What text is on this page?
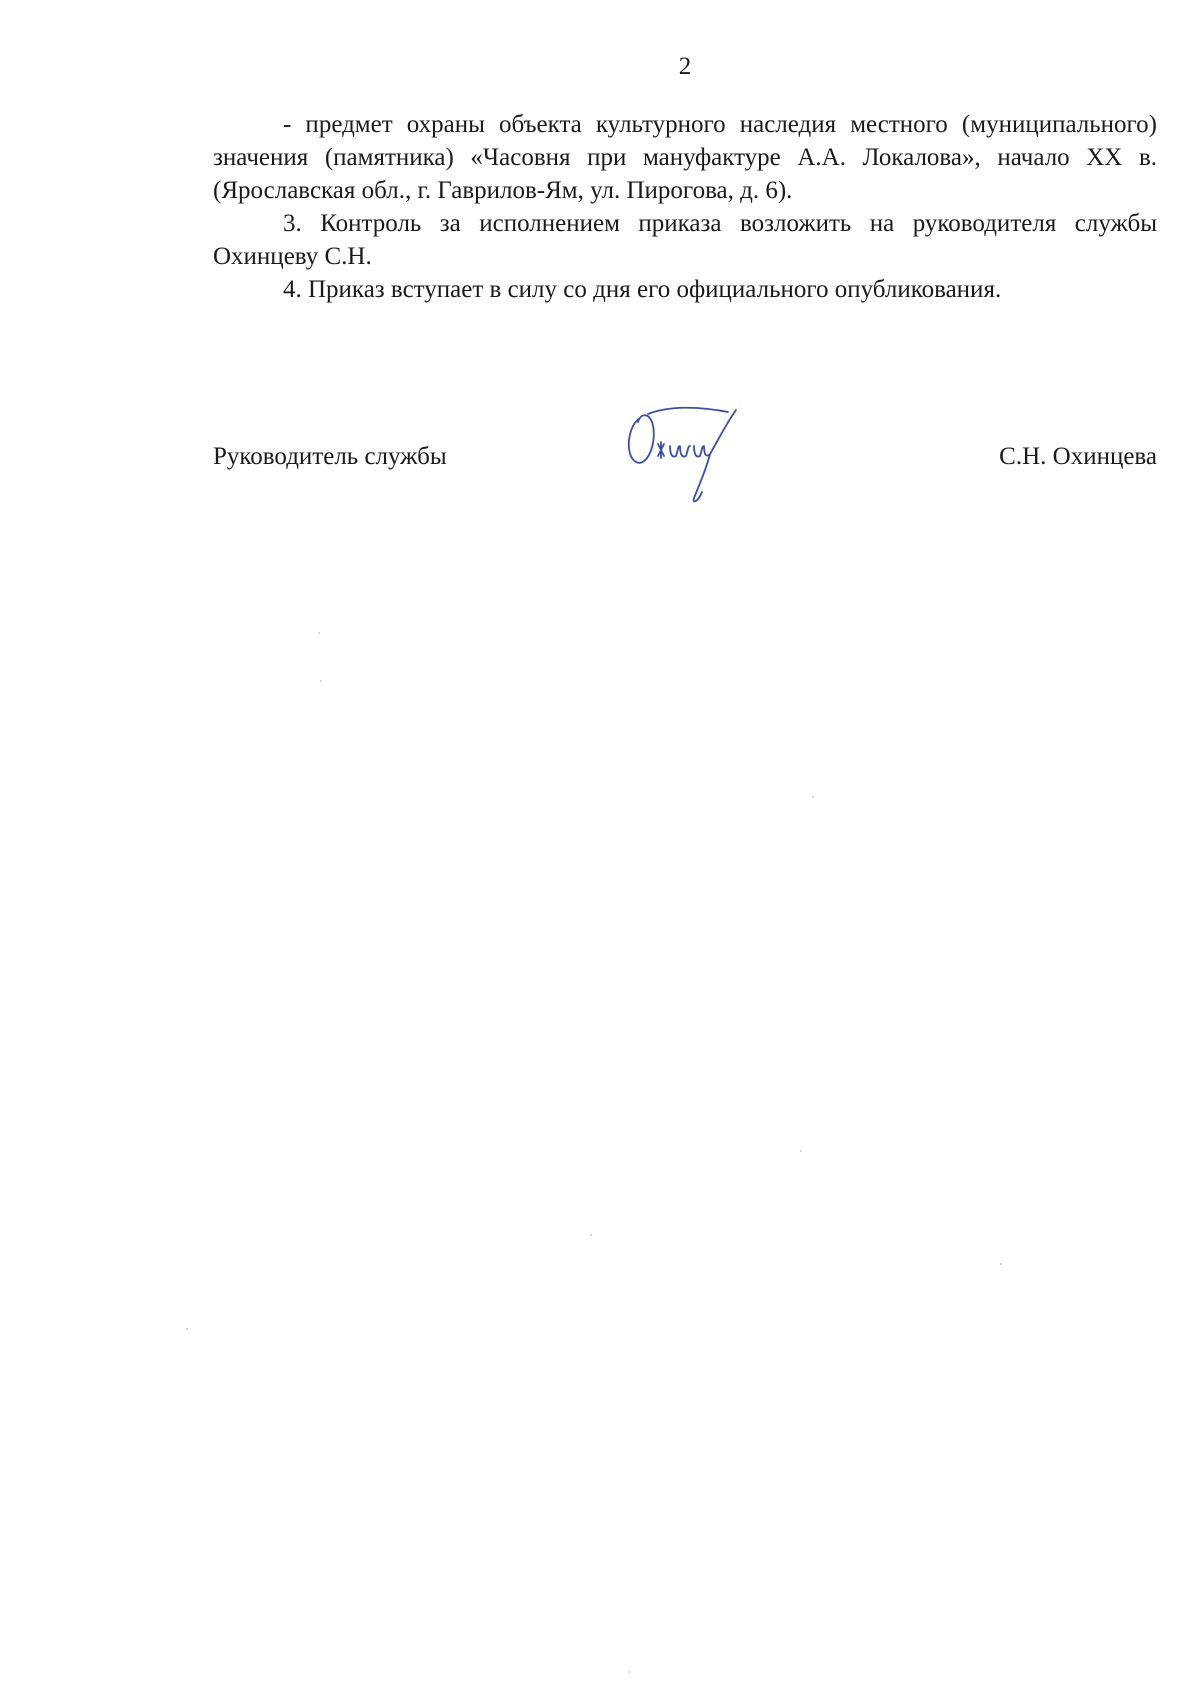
2

- предмет охраны объекта культурного наследия местного (муниципального) значения (памятника) «Часовня при мануфактуре А.А. Локалова», начало XX в. (Ярославская обл., г. Гаврилов-Ям, ул. Пирогова, д. 6).

3. Контроль за исполнением приказа возложить на руководителя службы Охинцеву С.Н.

4. Приказ вступает в силу со дня его официального опубликования.

Руководитель службы	С.Н. Охинцева
